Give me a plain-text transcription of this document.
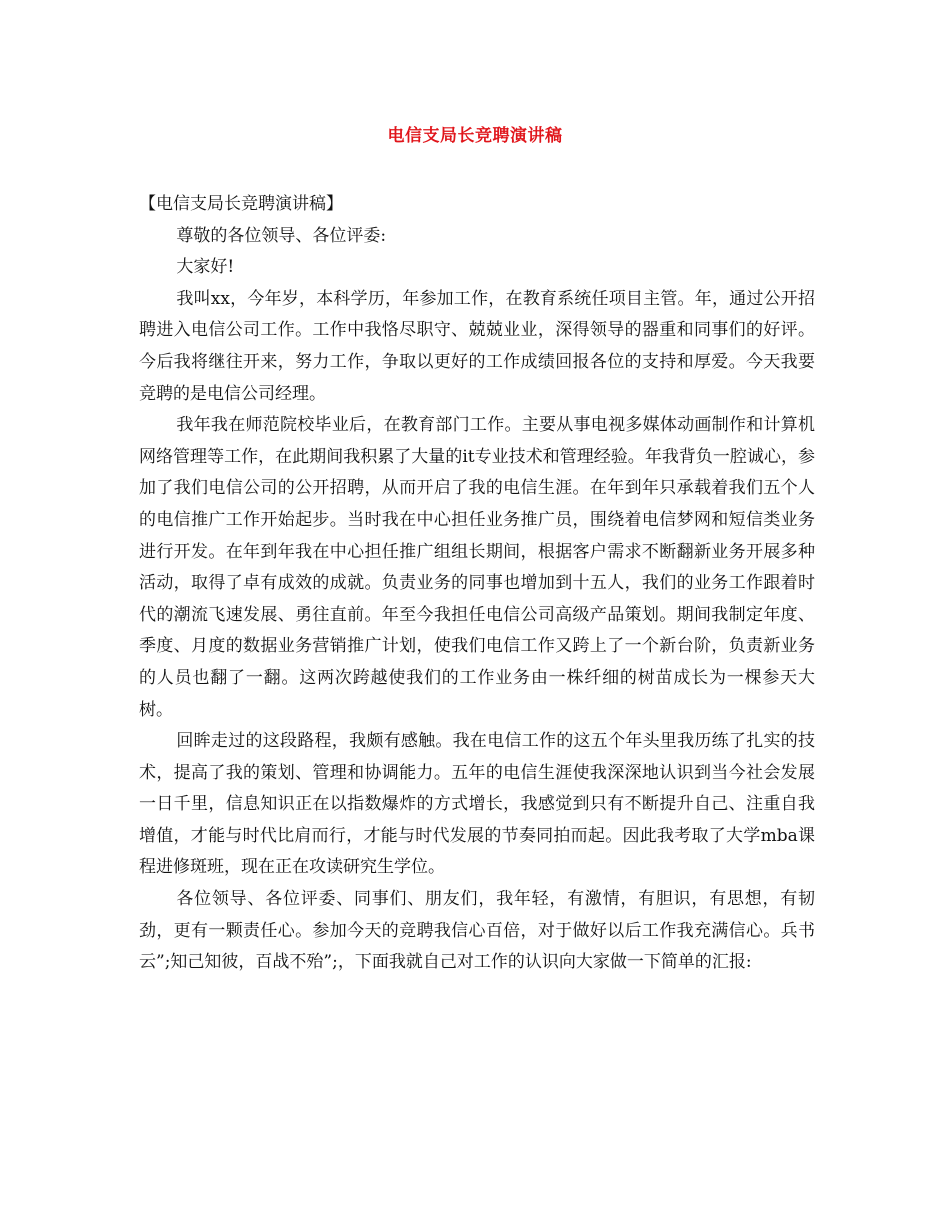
电信支局长竞聘演讲稿

【电信支局长竞聘演讲稿】

尊敬的各位领导、各位评委:

大家好!

我叫xx，今年岁，本科学历，年参加工作，在教育系统任项目主管。年，通过公开招聘进入电信公司工作。工作中我恪尽职守、兢兢业业，深得领导的器重和同事们的好评。今后我将继往开来，努力工作，争取以更好的工作成绩回报各位的支持和厚爱。今天我要竞聘的是电信公司经理。

我年我在师范院校毕业后，在教育部门工作。主要从事电视多媒体动画制作和计算机网络管理等工作，在此期间我积累了大量的it专业技术和管理经验。年我背负一腔诚心，参加了我们电信公司的公开招聘，从而开启了我的电信生涯。在年到年只承载着我们五个人的电信推广工作开始起步。当时我在中心担任业务推广员，围绕着电信梦网和短信类业务进行开发。在年到年我在中心担任推广组组长期间，根据客户需求不断翻新业务开展多种活动，取得了卓有成效的成就。负责业务的同事也增加到十五人，我们的业务工作跟着时代的潮流飞速发展、勇往直前。年至今我担任电信公司高级产品策划。期间我制定年度、季度、月度的数据业务营销推广计划，使我们电信工作又跨上了一个新台阶，负责新业务的人员也翻了一翻。这两次跨越使我们的工作业务由一株纤细的树苗成长为一棵参天大树。

回眸走过的这段路程，我颇有感触。我在电信工作的这五个年头里我历练了扎实的技术，提高了我的策划、管理和协调能力。五年的电信生涯使我深深地认识到当今社会发展一日千里，信息知识正在以指数爆炸的方式增长，我感觉到只有不断提升自己、注重自我增值，才能与时代比肩而行，才能与时代发展的节奏同拍而起。因此我考取了大学mba课程进修斑班，现在正在攻读研究生学位。

各位领导、各位评委、同事们、朋友们，我年轻，有激情，有胆识，有思想，有韧劲，更有一颗责任心。参加今天的竞聘我信心百倍，对于做好以后工作我充满信心。兵书云”;知己知彼，百战不殆”;，下面我就自己对工作的认识向大家做一下简单的汇报:
